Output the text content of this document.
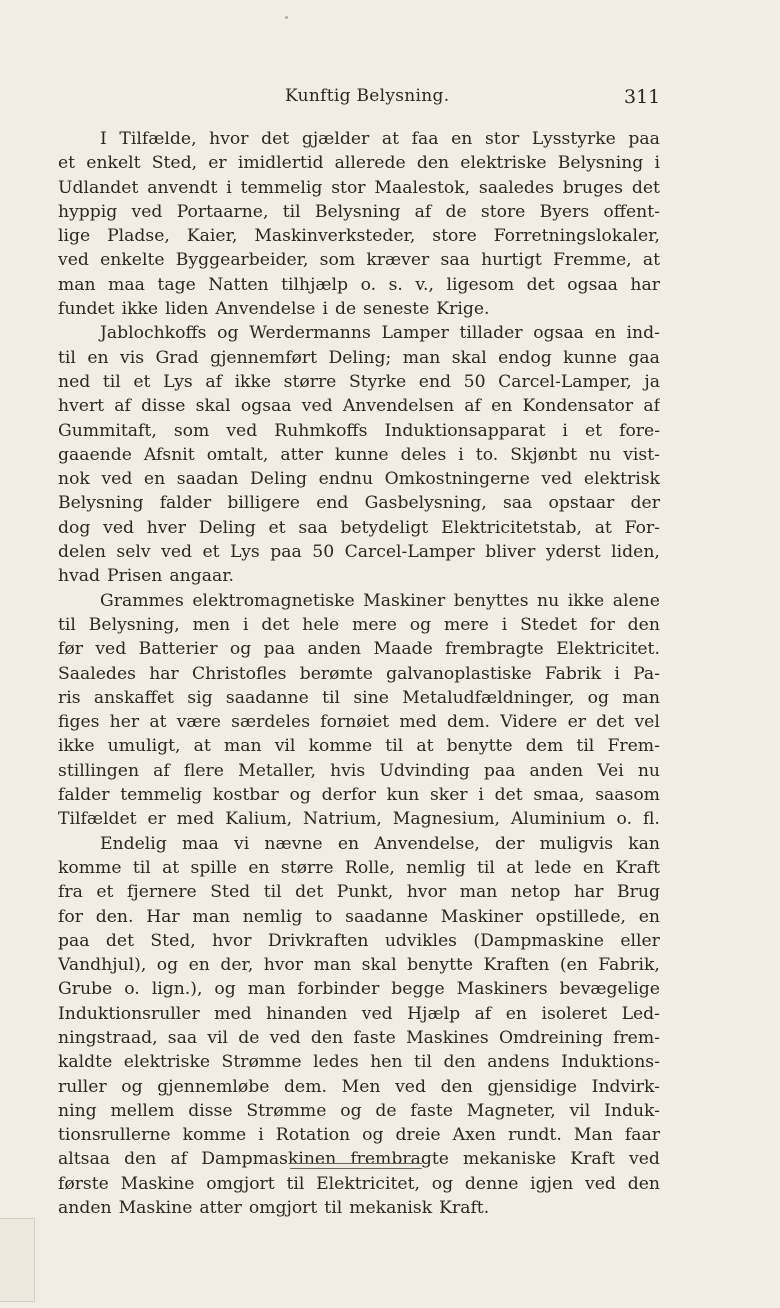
Kunftig Belysning.	311
I Tilfælde, hvor det gjælder at faa en stor Lysstyrke paa
et enkelt Sted, er imidlertid allerede den elektriske Belysning i
Udlandet anvendt i temmelig stor Maalestok, saaledes bruges det
hyppig ved Portaarne, til Belysning af de store Byers offent-
lige Pladse, Kaier, Maskinverksteder, store Forretningslokaler,
ved enkelte Byggearbeider, som kræver saa hurtigt Fremme, at
man maa tage Natten tilhjælp o. s. v., ligesom det ogsaa har
fundet ikke liden Anvendelse i de seneste Krige.
Jablochkoffs og Werdermanns Lamper tillader ogsaa en ind-
til en vis Grad gjennemført Deling; man skal endog kunne gaa
ned til et Lys af ikke større Styrke end 50 Carcel-Lamper, ja
hvert af disse skal ogsaa ved Anvendelsen af en Kondensator af
Gummitaft, som ved Ruhmkoffs Induktionsapparat i et fore-
gaaende Afsnit omtalt, atter kunne deles i to. Skjønbt nu vist-
nok ved en saadan Deling endnu Omkostningerne ved elektrisk
Belysning falder billigere end Gasbelysning, saa opstaar der
dog ved hver Deling et saa betydeligt Elektricitetstab, at For-
delen selv ved et Lys paa 50 Carcel-Lamper bliver yderst liden,
hvad Prisen angaar.
Grammes elektromagnetiske Maskiner benyttes nu ikke alene
til Belysning, men i det hele mere og mere i Stedet for den
før ved Batterier og paa anden Maade frembragte Elektricitet.
Saaledes har Christofles berømte galvanoplastiske Fabrik i Pa-
ris anskaffet sig saadanne til sine Metaludfældninger, og man
figes her at være særdeles fornøiet med dem. Videre er det vel
ikke umuligt, at man vil komme til at benytte dem til Frem-
stillingen af flere Metaller, hvis Udvinding paa anden Vei nu
falder temmelig kostbar og derfor kun sker i det smaa, saasom
Tilfældet er med Kalium, Natrium, Magnesium, Aluminium o. fl.
Endelig maa vi nævne en Anvendelse, der muligvis kan
komme til at spille en større Rolle, nemlig til at lede en Kraft
fra et fjernere Sted til det Punkt, hvor man netop har Brug
for den. Har man nemlig to saadanne Maskiner opstillede, en
paa det Sted, hvor Drivkraften udvikles (Dampmaskine eller
Vandhjul), og en der, hvor man skal benytte Kraften (en Fabrik,
Grube o. lign.), og man forbinder begge Maskiners bevægelige
Induktionsruller med hinanden ved Hjælp af en isoleret Led-
ningstraad, saa vil de ved den faste Maskines Omdreining frem-
kaldte elektriske Strømme ledes hen til den andens Induktions-
ruller og gjennemløbe dem. Men ved den gjensidige Indvirk-
ning mellem disse Strømme og de faste Magneter, vil Induk-
tionsrullerne komme i Rotation og dreie Axen rundt. Man faar
altsaa den af Dampmaskinen frembragte mekaniske Kraft ved
første Maskine omgjort til Elektricitet, og denne igjen ved den
anden Maskine atter omgjort til mekanisk Kraft.
